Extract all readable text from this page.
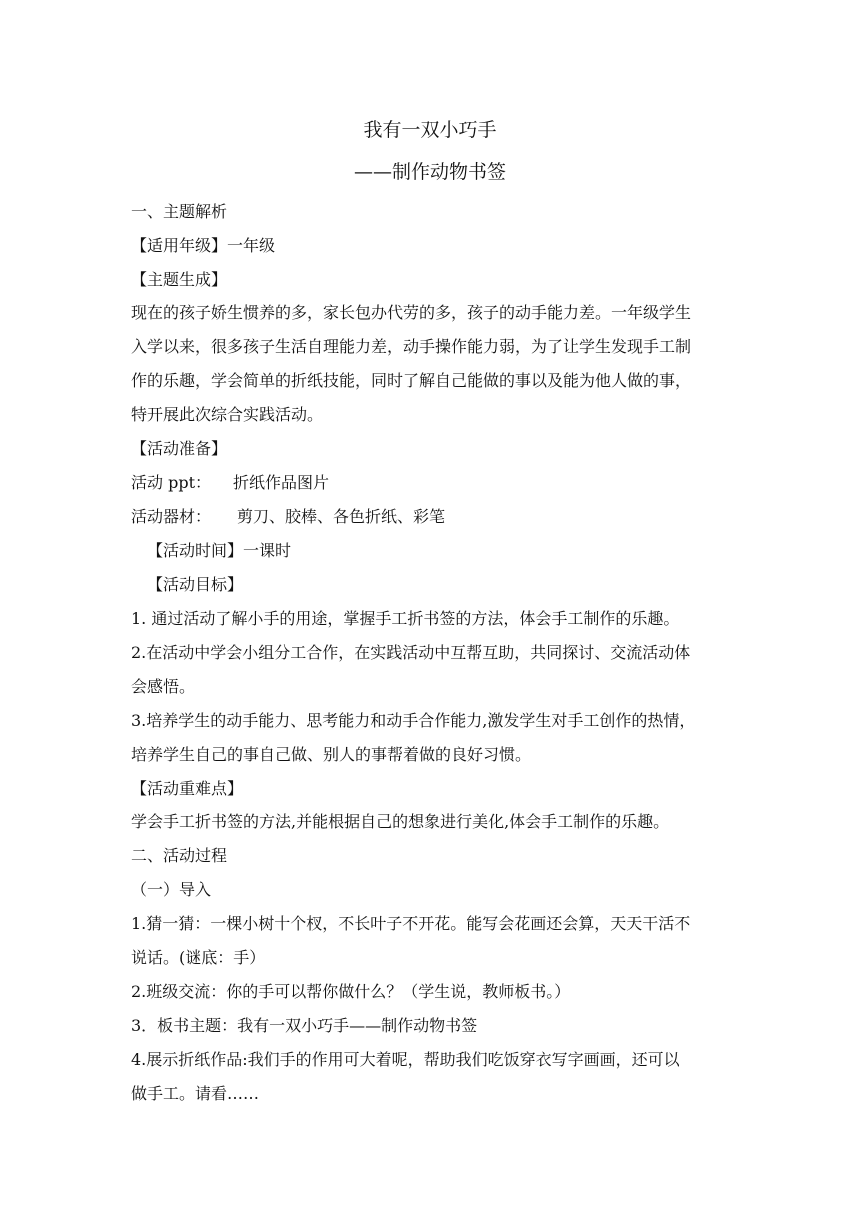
我有一双小巧手
——制作动物书签
一、主题解析
【适用年级】一年级
【主题生成】
现在的孩子娇生惯养的多，家长包办代劳的多，孩子的动手能力差。一年级学生
入学以来，很多孩子生活自理能力差，动手操作能力弱，为了让学生发现手工制
作的乐趣，学会简单的折纸技能，同时了解自己能做的事以及能为他人做的事，
特开展此次综合实践活动。
【活动准备】
活动 ppt： 折纸作品图片
活动器材： 剪刀、胶棒、各色折纸、彩笔
【活动时间】一课时
【活动目标】
1. 通过活动了解小手的用途，掌握手工折书签的方法，体会手工制作的乐趣。
2.在活动中学会小组分工合作，在实践活动中互帮互助，共同探讨、交流活动体
会感悟。
3.培养学生的动手能力、思考能力和动手合作能力,激发学生对手工创作的热情，
培养学生自己的事自己做、别人的事帮着做的良好习惯。
【活动重难点】
学会手工折书签的方法,并能根据自己的想象进行美化,体会手工制作的乐趣。
二、活动过程
（一）导入
1.猜一猜：一棵小树十个杈，不长叶子不开花。能写会花画还会算，天天干活不
说话。(谜底：手）
2.班级交流：你的手可以帮你做什么？（学生说，教师板书。）
3．板书主题：我有一双小巧手——制作动物书签
4.展示折纸作品:我们手的作用可大着呢，帮助我们吃饭穿衣写字画画，还可以
做手工。请看……
